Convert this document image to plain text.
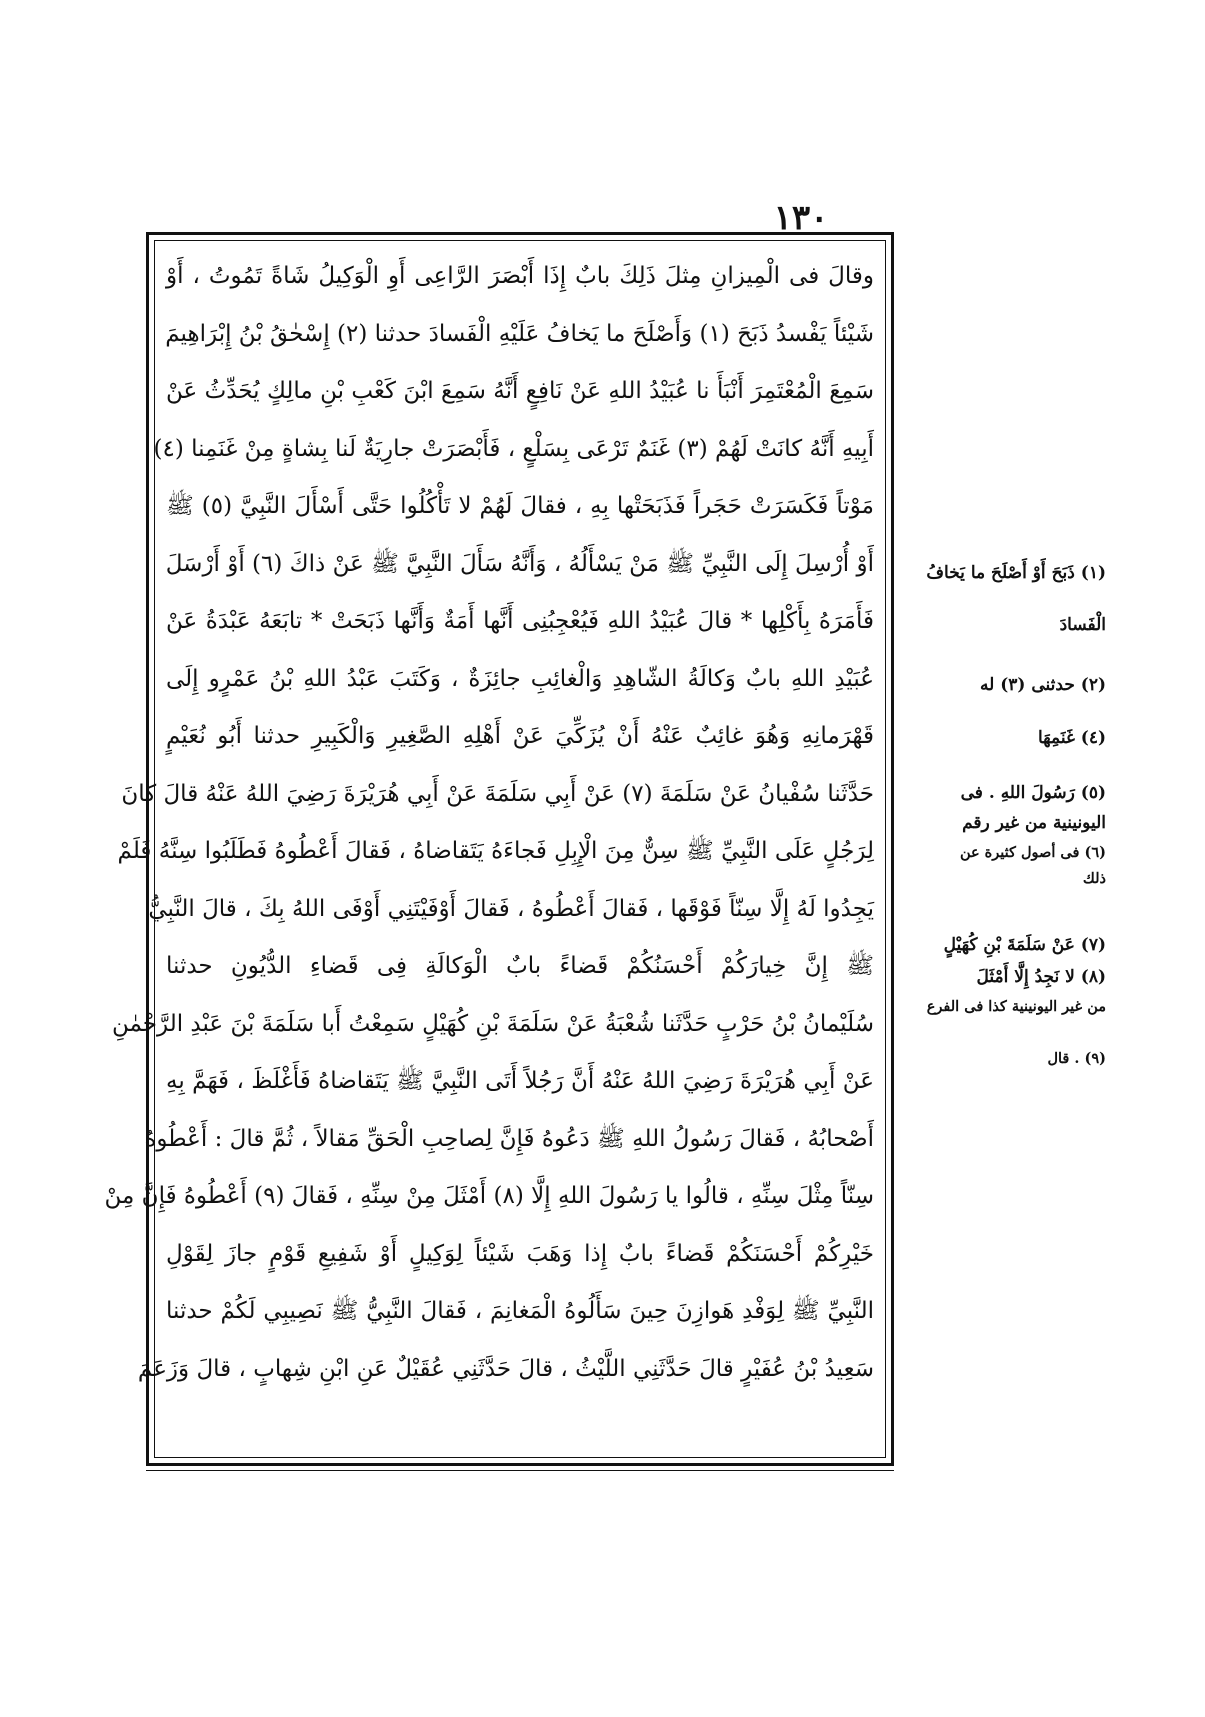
١٣٠
وقالَ فى الْمِيزانِ مِثلَ ذَلِكَ بابٌ إِذَا أَبْصَرَ الرَّاعِى أَوِ الْوَكِيلُ شَاةً تَمُوتُ ، أَوْ
شَيْئاً يَفْسدُ ذَبَحَ (١) وَأَصْلَحَ ما يَخافُ عَلَيْهِ الْفَسادَ حدثنا (٢) إِسْحٰقُ بْنُ إِبْرَاهِيمَ
سَمِعَ الْمُعْتَمِرَ أَنْبَأَ نا عُبَيْدُ اللهِ عَنْ نَافِعٍ أَنَّهُ سَمِعَ ابْنَ كَعْبِ بْنِ مالِكٍ يُحَدِّثُ عَنْ
أَبِيهِ أَنَّهُ كانَتْ لَهُمْ (٣) غَنَمٌ تَرْعَى بِسَلْعٍ ، فَأَبْصَرَتْ جارِيَةٌ لَنا بِشاةٍ مِنْ غَنَمِنا (٤)
مَوْتاً فَكَسَرَتْ حَجَراً فَذَبَحَتْها بِهِ ، فقالَ لَهُمْ لا تَأْكُلُوا حَتَّى أَسْأَلَ النَّبِيَّ (٥) ﷺ
أَوْ أُرْسِلَ إِلَى النَّبِيِّ ﷺ مَنْ يَسْأَلُهُ ، وَأَنَّهُ سَأَلَ النَّبِيَّ ﷺ عَنْ ذاكَ (٦) أَوْ أَرْسَلَ
فَأَمَرَهُ بِأَكْلِها * قالَ عُبَيْدُ اللهِ فَيُعْجِبُنِى أَنَّها أَمَةٌ وَأَنَّها ذَبَحَتْ * تابَعَهُ عَبْدَةُ عَنْ
عُبَيْدِ اللهِ بابٌ وَكالَةُ الشّاهِدِ وَالْغائِبِ جائِزَةٌ ، وَكَتَبَ عَبْدُ اللهِ بْنُ عَمْرٍو إِلَى
قَهْرَمانِهِ وَهُوَ غائِبٌ عَنْهُ أَنْ يُزَكِّيَ عَنْ أَهْلِهِ الصَّغِيرِ وَالْكَبِيرِ حدثنا أَبُو نُعَيْمٍ
حَدَّثَنا سُفْيانُ عَنْ سَلَمَةَ (٧) عَنْ أَبِي سَلَمَةَ عَنْ أَبِي هُرَيْرَةَ رَضِيَ اللهُ عَنْهُ قالَ كانَ
لِرَجُلٍ عَلَى النَّبِيِّ ﷺ سِنٌّ مِنَ الْإِبِلِ فَجاءَهُ يَتَقاضاهُ ، فَقالَ أَعْطُوهُ فَطَلَبُوا سِنَّهُ فَلَمْ
يَجِدُوا لَهُ إِلَّا سِنّاً فَوْقَها ، فَقالَ أَعْطُوهُ ، فَقالَ أَوْفَيْتَنِي أَوْفَى اللهُ بِكَ ، قالَ النَّبِيُّ
ﷺ إِنَّ خِيارَكُمْ أَحْسَنُكُمْ قَضاءً بابٌ الْوَكالَةِ فِى قَضاءِ الدُّيُونِ حدثنا
سُلَيْمانُ بْنُ حَرْبٍ حَدَّثَنا شُعْبَةُ عَنْ سَلَمَةَ بْنِ كُهَيْلٍ سَمِعْتُ أَبا سَلَمَةَ بْنَ عَبْدِ الرَّحْمٰنِ
عَنْ أَبِي هُرَيْرَةَ رَضِيَ اللهُ عَنْهُ أَنَّ رَجُلاً أَتَى النَّبِيَّ ﷺ يَتَقاضاهُ فَأَغْلَظَ ، فَهَمَّ بِهِ
أَصْحابُهُ ، فَقالَ رَسُولُ اللهِ ﷺ دَعُوهُ فَإِنَّ لِصاحِبِ الْحَقِّ مَقالاً ، ثُمَّ قالَ : أَعْطُوهُ
سِنّاً مِثْلَ سِنِّهِ ، قالُوا يا رَسُولَ اللهِ إِلَّا (٨) أَمْثَلَ مِنْ سِنِّهِ ، فَقالَ (٩) أَعْطُوهُ فَإِنَّ مِنْ
خَيْرِكُمْ أَحْسَنَكُمْ قَضاءً بابٌ إِذا وَهَبَ شَيْئاً لِوَكِيلٍ أَوْ شَفِيعِ قَوْمٍ جازَ لِقَوْلِ
النَّبِيِّ ﷺ لِوَفْدِ هَوازِنَ حِينَ سَأَلُوهُ الْمَغانِمَ ، فَقالَ النَّبِيُّ ﷺ نَصِيبِي لَكُمْ حدثنا
سَعِيدُ بْنُ عُفَيْرٍ قالَ حَدَّثَنِي اللَّيْثُ ، قالَ حَدَّثَنِي عُقَيْلٌ عَنِ ابْنِ شِهابٍ ، قالَ وَزَعَمَ
(١) ذَبَحَ أَوْ أَصْلَحَ ما يَخافُ
الْفَسادَ
(٢) حدثنى (٣) له
(٤) غَنَمِهَا
(٥) رَسُولَ اللهِ . فى
اليونينية من غير رقم
(٦) فى أصول كثيرة عن
ذلك
(٧) عَنْ سَلَمَةَ بْنِ كُهَيْلٍ
(٨) لا نَجِدُ إِلَّا أَمْثَلَ
من غير اليونينية كذا فى الفرع
(٩) . قال
